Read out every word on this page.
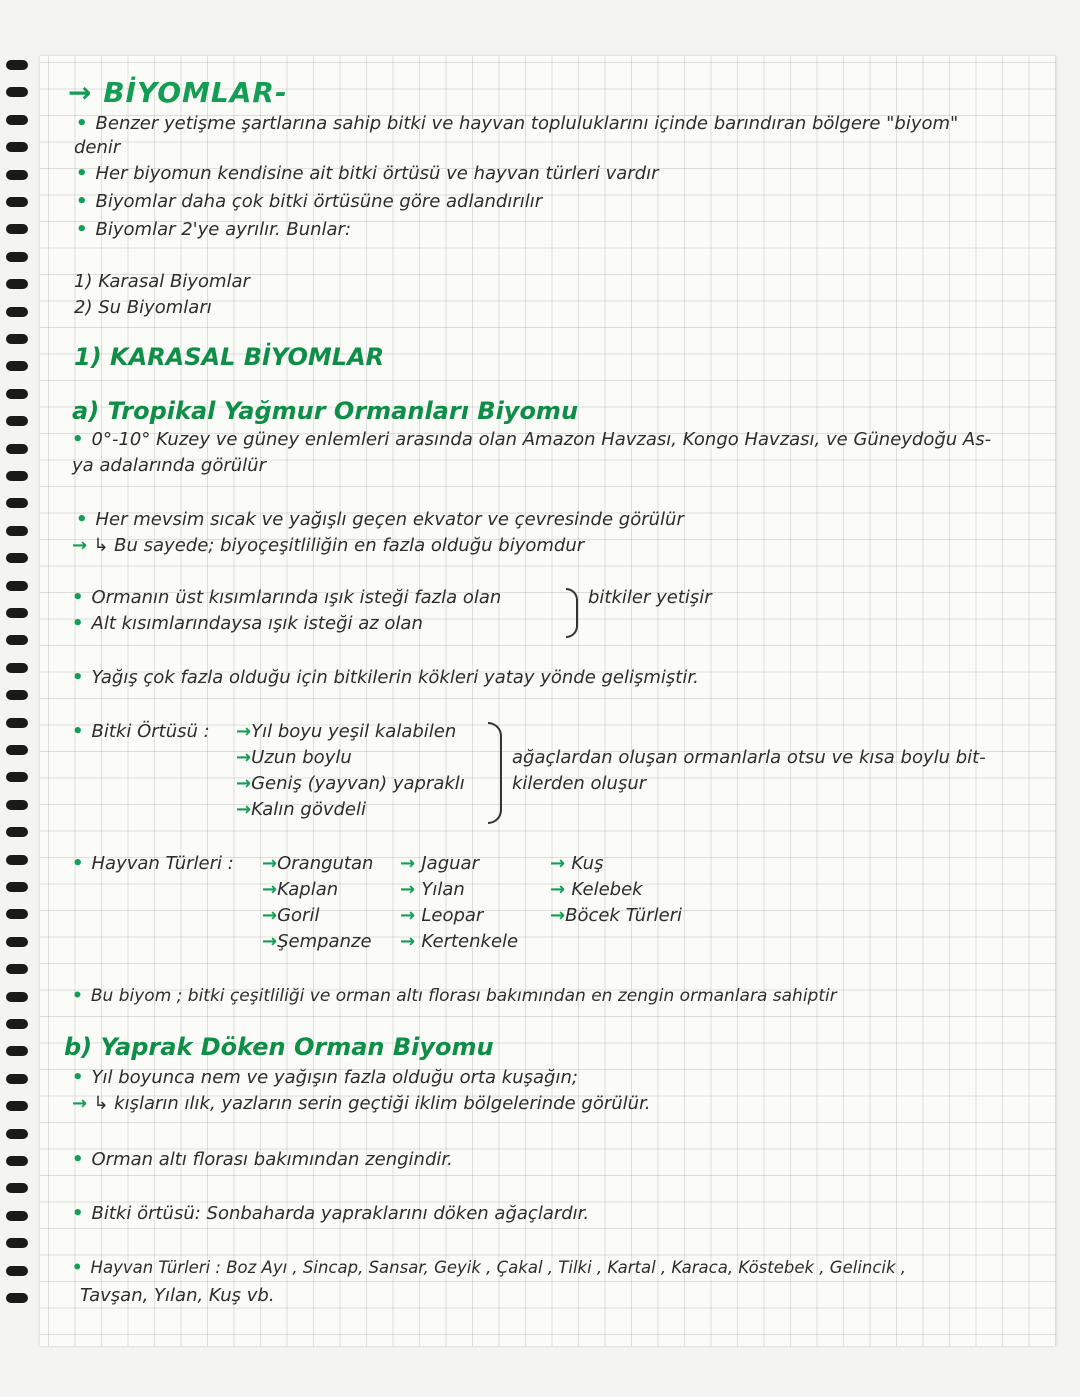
→ BİYOMLAR-
• Benzer yetişme şartlarına sahip bitki ve hayvan topluluklarını içinde barındıran bölgere "biyom"
denir
• Her biyomun kendisine ait bitki örtüsü ve hayvan türleri vardır
• Biyomlar daha çok bitki örtüsüne göre adlandırılır
• Biyomlar 2'ye ayrılır. Bunlar:
1) Karasal Biyomlar
2) Su Biyomları
1) KARASAL BİYOMLAR
a) Tropikal Yağmur Ormanları Biyomu
• 0°-10° Kuzey ve güney enlemleri arasında olan Amazon Havzası, Kongo Havzası, ve Güneydoğu As-
ya adalarında görülür
• Her mevsim sıcak ve yağışlı geçen ekvator ve çevresinde görülür
→ ↳ Bu sayede; biyoçeşitliliğin en fazla olduğu biyomdur
• Ormanın üst kısımlarında ışık isteği fazla olan
• Alt kısımlarındaysa ışık isteği az olan
bitkiler yetişir
• Yağış çok fazla olduğu için bitkilerin kökleri yatay yönde gelişmiştir.
• Bitki Örtüsü : →Yıl boyu yeşil kalabilen
→Uzun boylu
→Geniş (yayvan) yapraklı
→Kalın gövdeli
ağaçlardan oluşan ormanlarla otsu ve kısa boylu bit-
kilerden oluşur
• Hayvan Türleri : →Orangutan
→Kaplan
→Goril
→Şempanze
→ Jaguar
→ Yılan
→ Leopar
→ Kertenkele
→ Kuş
→ Kelebek
→Böcek Türleri
• Bu biyom ; bitki çeşitliliği ve orman altı florası bakımından en zengin ormanlara sahiptir
b) Yaprak Döken Orman Biyomu
• Yıl boyunca nem ve yağışın fazla olduğu orta kuşağın;
→ ↳ kışların ılık, yazların serin geçtiği iklim bölgelerinde görülür.
• Orman altı florası bakımından zengindir.
• Bitki örtüsü: Sonbaharda yapraklarını döken ağaçlardır.
• Hayvan Türleri : Boz Ayı , Sincap, Sansar, Geyik , Çakal , Tilki , Kartal , Karaca, Köstebek , Gelincik ,
Tavşan, Yılan, Kuş vb.
